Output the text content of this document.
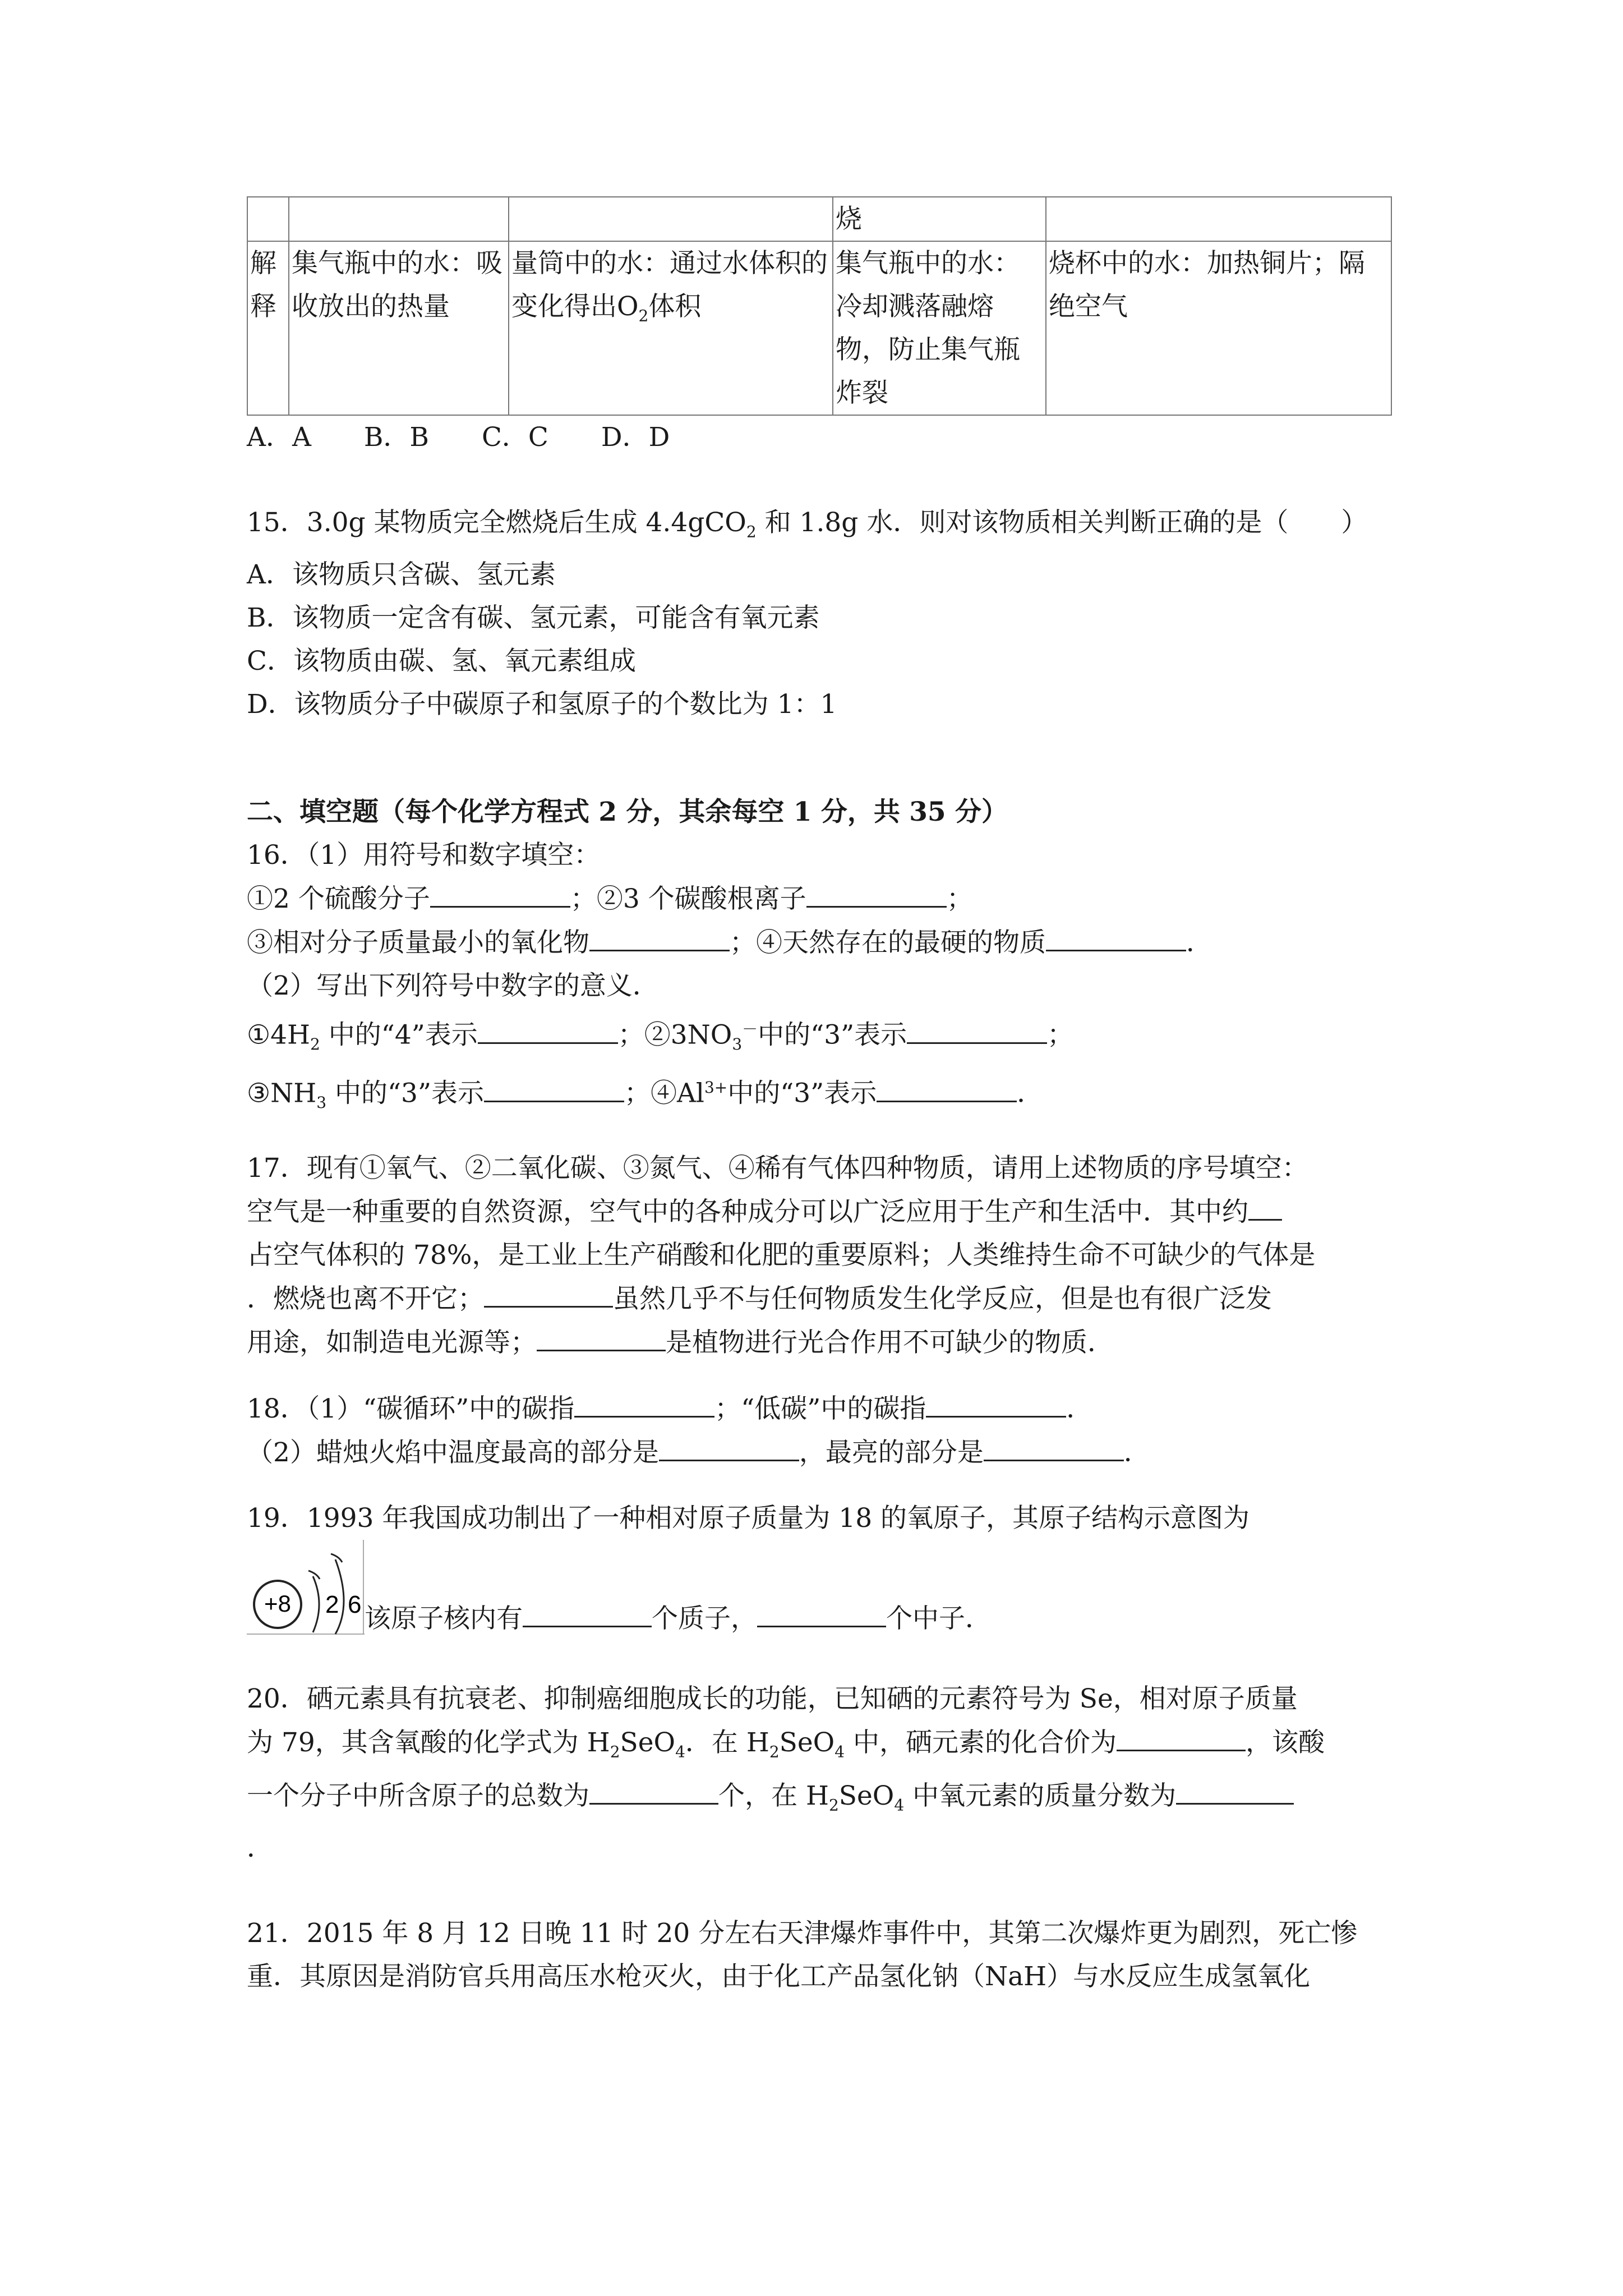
			烧	
解释	集气瓶中的水：吸收放出的热量	量筒中的水：通过水体积的变化得出$O_2$体积	集气瓶中的水：冷却溅落融熔物，防止集气瓶炸裂	烧杯中的水：加热铜片；隔绝空气
A．A　　B．B　　C．C　　D．D
15．3.0g 某物质完全燃烧后生成 4.4gCO$_2$ 和 1.8g 水．则对该物质相关判断正确的是（　　）
A．该物质只含碳、氢元素
B．该物质一定含有碳、氢元素，可能含有氧元素
C．该物质由碳、氢、氧元素组成
D．该物质分子中碳原子和氢原子的个数比为 1：1
二、填空题（每个化学方程式 2 分，其余每空 1 分，共 35 分）
16．（1）用符号和数字填空：
①2 个硫酸分子	；②3 个碳酸根离子	；
③相对分子质量最小的氧化物	；④天然存在的最硬的物质	．
（2）写出下列符号中数字的意义．
$①4H_2$ 中的“4”表示	；$②3NO_3^-$中的“3”表示	；
$③NH_3$ 中的“3”表示	；$④Al^{3+}$中的“3”表示	．
17．现有①氧气、②二氧化碳、③氮气、④稀有气体四种物质，请用上述物质的序号填空：
空气是一种重要的自然资源，空气中的各种成分可以广泛应用于生产和生活中．其中约
占空气体积的 78%，是工业上生产硝酸和化肥的重要原料；人类维持生命不可缺少的气体是
．燃烧也离不开它；	虽然几乎不与任何物质发生化学反应，但是也有很广泛发
用途，如制造电光源等；	是植物进行光合作用不可缺少的物质．
18．（1）“碳循环”中的碳指	；“低碳”中的碳指	．
（2）蜡烛火焰中温度最高的部分是	，最亮的部分是	．
19．1993 年我国成功制出了一种相对原子质量为 18 的氧原子，其原子结构示意图为
+8 2 6 该原子核内有	个质子，	个中子．
20．硒元素具有抗衰老、抑制癌细胞成长的功能，已知硒的元素符号为 Se，相对原子质量
为 79，其含氧酸的化学式为 $H_2SeO_4$．在 $H_2SeO_4$ 中，硒元素的化合价为	，该酸
一个分子中所含原子的总数为	个，在 $H_2SeO_4$ 中氧元素的质量分数为
．
21．2015 年 8 月 12 日晚 11 时 20 分左右天津爆炸事件中，其第二次爆炸更为剧烈，死亡惨
重．其原因是消防官兵用高压水枪灭火，由于化工产品氢化钠（NaH）与水反应生成氢氧化
